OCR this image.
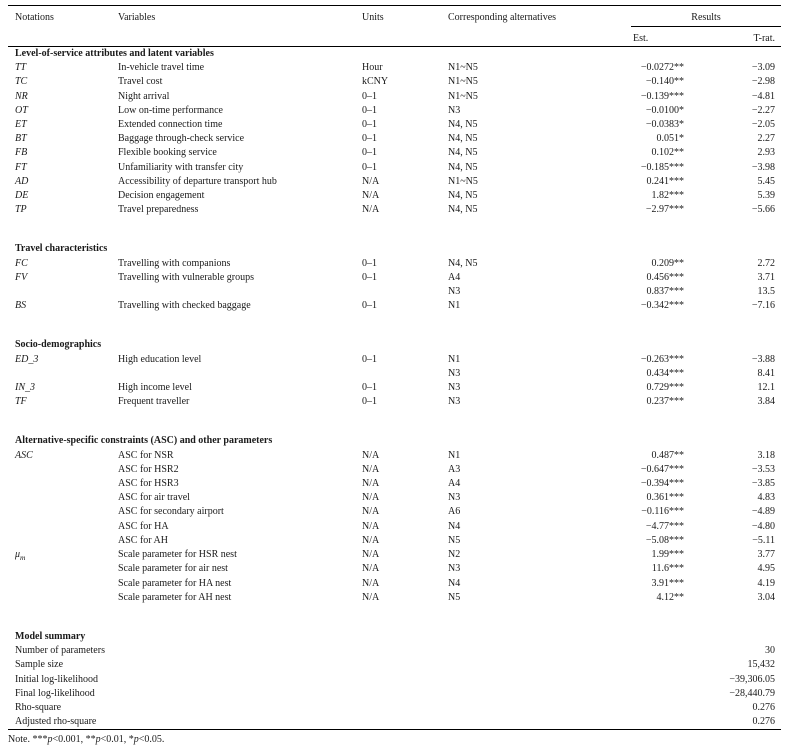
Notations	Variables	Units	Corresponding alternatives	Results	
				Est.	T-rat.
Level-of-service attributes and latent variables					
TT	In-vehicle travel time	Hour	N1~N5	−0.0272**	−3.09
TC	Travel cost	kCNY	N1~N5	−0.140**	−2.98
NR	Night arrival	0–1	N1~N5	−0.139***	−4.81
OT	Low on-time performance	0–1	N3	−0.0100*	−2.27
ET	Extended connection time	0–1	N4, N5	−0.0383*	−2.05
BT	Baggage through-check service	0–1	N4, N5	0.051*	2.27
FB	Flexible booking service	0–1	N4, N5	0.102**	2.93
FT	Unfamiliarity with transfer city	0–1	N4, N5	−0.185***	−3.98
AD	Accessibility of departure transport hub	N/A	N1~N5	0.241***	5.45
DE	Decision engagement	N/A	N4, N5	1.82***	5.39
TP	Travel preparedness	N/A	N4, N5	−2.97***	−5.66

Travel characteristics					
FC	Travelling with companions	0–1	N4, N5	0.209**	2.72
FV	Travelling with vulnerable groups	0–1	A4	0.456***	3.71
			N3	0.837***	13.5
BS	Travelling with checked baggage	0–1	N1	−0.342***	−7.16

Socio-demographics					
ED_3	High education level	0–1	N1	−0.263***	−3.88
			N3	0.434***	8.41
IN_3	High income level	0–1	N3	0.729***	12.1
TF	Frequent traveller	0–1	N3	0.237***	3.84

Alternative-specific constraints (ASC) and other parameters					
ASC	ASC for NSR	N/A	N1	0.487**	3.18
	ASC for HSR2	N/A	A3	−0.647***	−3.53
	ASC for HSR3	N/A	A4	−0.394***	−3.85
	ASC for air travel	N/A	N3	0.361***	4.83
	ASC for secondary airport	N/A	A6	−0.116***	−4.89
	ASC for HA	N/A	N4	−4.77***	−4.80
	ASC for AH	N/A	N5	−5.08***	−5.11
$\mu_m$	Scale parameter for HSR nest	N/A	N2	1.99***	3.77
	Scale parameter for air nest	N/A	N3	11.6***	4.95
	Scale parameter for HA nest	N/A	N4	3.91***	4.19
	Scale parameter for AH nest	N/A	N5	4.12**	3.04

Model summary					
Number of parameters					30
Sample size					15,432
Initial log-likelihood					−39,306.05
Final log-likelihood					−28,440.79
Rho-square					0.276
Adjusted rho-square					0.276
Note. ***p<0.001, **p<0.01, *p<0.05.
